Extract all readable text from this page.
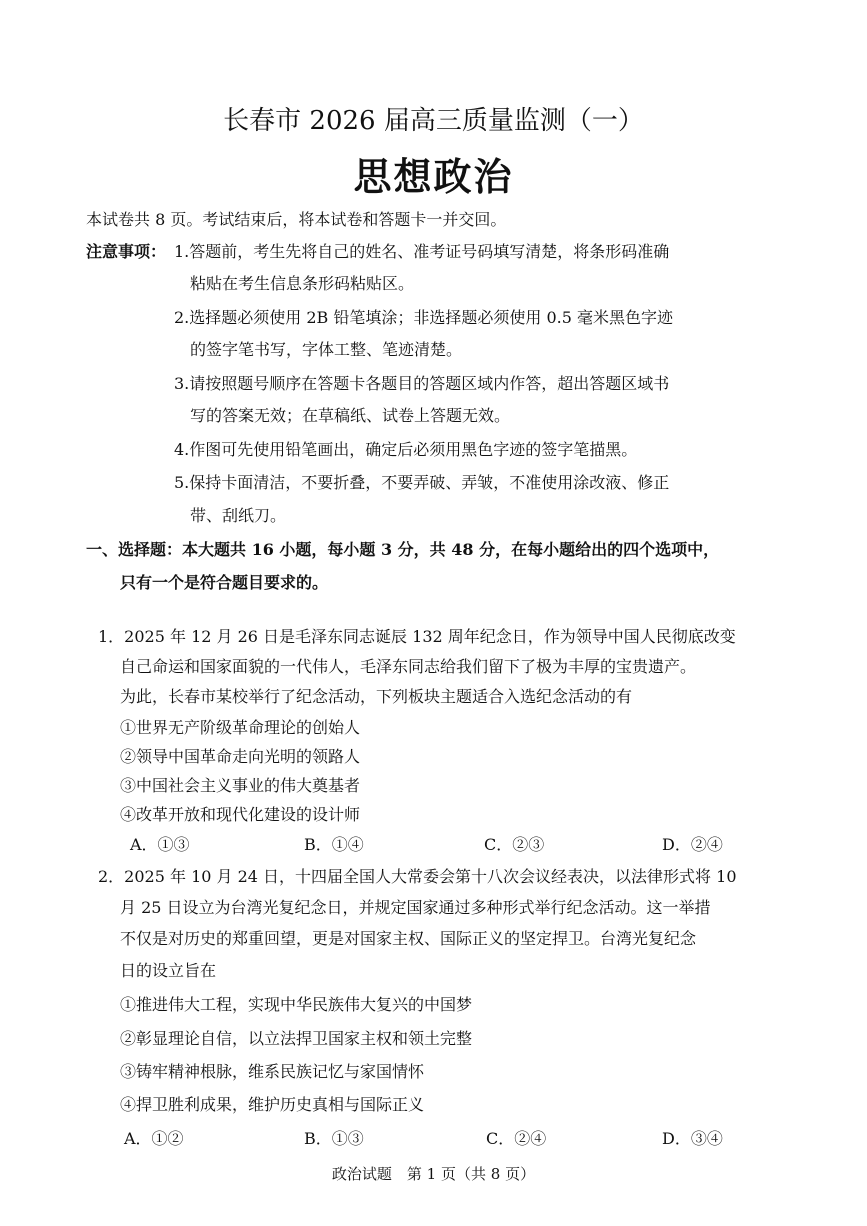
长春市 2026 届高三质量监测（一）
思想政治
本试卷共 8 页。考试结束后，将本试卷和答题卡一并交回。
注意事项： 1.答题前，考生先将自己的姓名、准考证号码填写清楚，将条形码准确
粘贴在考生信息条形码粘贴区。
2.选择题必须使用 2B 铅笔填涂；非选择题必须使用 0.5 毫米黑色字迹
的签字笔书写，字体工整、笔迹清楚。
3.请按照题号顺序在答题卡各题目的答题区域内作答，超出答题区域书
写的答案无效；在草稿纸、试卷上答题无效。
4.作图可先使用铅笔画出，确定后必须用黑色字迹的签字笔描黑。
5.保持卡面清洁，不要折叠，不要弄破、弄皱，不准使用涂改液、修正
带、刮纸刀。
一、选择题：本大题共 16 小题，每小题 3 分，共 48 分，在每小题给出的四个选项中，
只有一个是符合题目要求的。
1．2025 年 12 月 26 日是毛泽东同志诞辰 132 周年纪念日，作为领导中国人民彻底改变
自己命运和国家面貌的一代伟人，毛泽东同志给我们留下了极为丰厚的宝贵遗产。
为此，长春市某校举行了纪念活动，下列板块主题适合入选纪念活动的有
①世界无产阶级革命理论的创始人
②领导中国革命走向光明的领路人
③中国社会主义事业的伟大奠基者
④改革开放和现代化建设的设计师
A．①③	B．①④	C．②③	D．②④
2．2025 年 10 月 24 日，十四届全国人大常委会第十八次会议经表决，以法律形式将 10
月 25 日设立为台湾光复纪念日，并规定国家通过多种形式举行纪念活动。这一举措
不仅是对历史的郑重回望，更是对国家主权、国际正义的坚定捍卫。台湾光复纪念
日的设立旨在
①推进伟大工程，实现中华民族伟大复兴的中国梦
②彰显理论自信，以立法捍卫国家主权和领土完整
③铸牢精神根脉，维系民族记忆与家国情怀
④捍卫胜利成果，维护历史真相与国际正义
A．①②	B．①③	C．②④	D．③④
政治试题　第 1 页（共 8 页）
